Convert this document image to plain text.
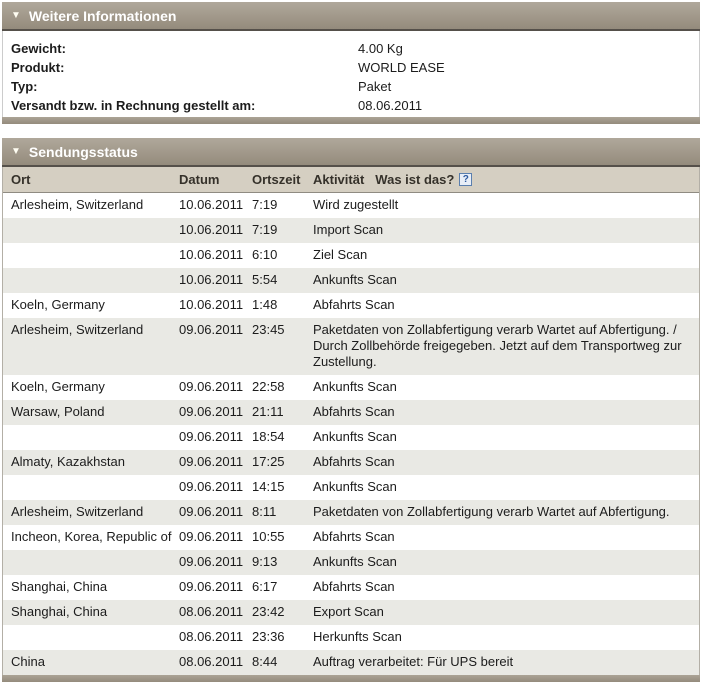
▼ Weitere Informationen
Gewicht:	4.00 Kg
Produkt:	WORLD EASE
Typ:	Paket
Versandt bzw. in Rechnung gestellt am:	08.06.2011
▼ Sendungsstatus
Ort	Datum	Ortszeit Aktivität Was ist das? ?
Arlesheim, Switzerland	10.06.2011 7:19	Wird zugestellt
10.06.2011 7:19	Import Scan
10.06.2011 6:10	Ziel Scan
10.06.2011 5:54	Ankunfts Scan
Koeln, Germany	10.06.2011 1:48	Abfahrts Scan
Arlesheim, Switzerland	09.06.2011 23:45	Paketdaten von Zollabfertigung verarb Wartet auf Abfertigung. / Durch Zollbehörde freigegeben. Jetzt auf dem Transportweg zur Zustellung.
Koeln, Germany	09.06.2011 22:58	Ankunfts Scan
Warsaw, Poland	09.06.2011 21:11	Abfahrts Scan
09.06.2011 18:54	Ankunfts Scan
Almaty, Kazakhstan	09.06.2011 17:25	Abfahrts Scan
09.06.2011 14:15	Ankunfts Scan
Arlesheim, Switzerland	09.06.2011 8:11	Paketdaten von Zollabfertigung verarb Wartet auf Abfertigung.
Incheon, Korea, Republic of 09.06.2011 10:55	Abfahrts Scan
09.06.2011 9:13	Ankunfts Scan
Shanghai, China	09.06.2011 6:17	Abfahrts Scan
Shanghai, China	08.06.2011 23:42	Export Scan
08.06.2011 23:36	Herkunfts Scan
China	08.06.2011 8:44	Auftrag verarbeitet: Für UPS bereit
